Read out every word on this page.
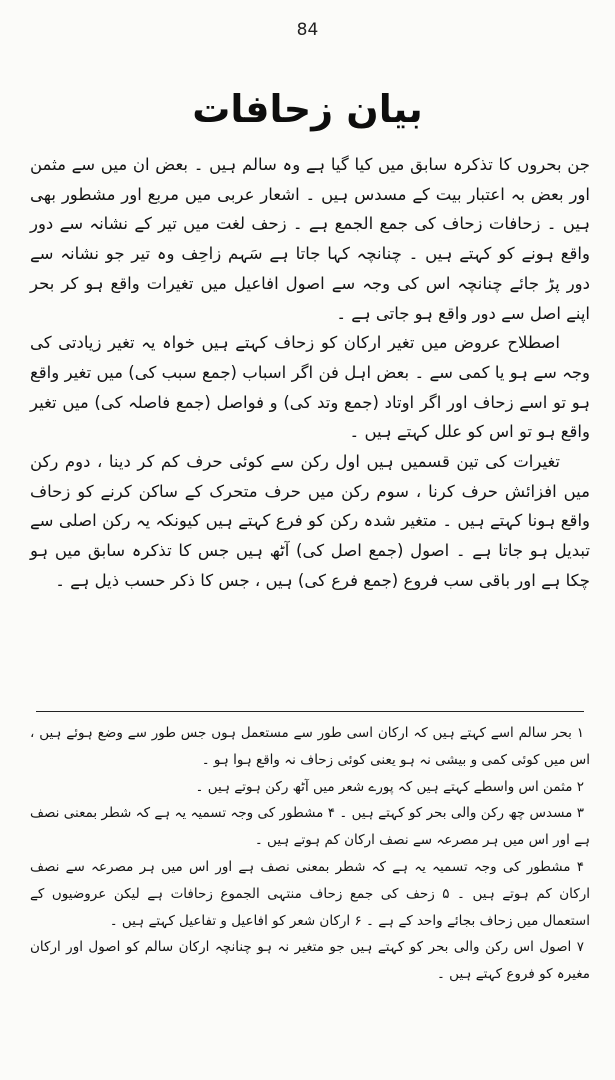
84
بیان زحافات

جن بحروں کا تذکرہ سابق میں کیا گیا ہے وہ سالم ہیں ۔ بعض ان میں سے مثمن اور بعض بہ اعتبار بیت کے مسدس ہیں ۔ اشعار عربی میں مربع اور مشطور بھی ہیں ۔ زحافات زحاف کی جمع الجمع ہے ۔ زحف لغت میں تیر کے نشانہ سے دور واقع ہونے کو کہتے ہیں ۔ چنانچہ کہا جاتا ہے سَہم زاحِف وہ تیر جو نشانہ سے دور پڑ جائے چنانچہ اس کی وجہ سے اصول افاعیل میں تغیرات واقع ہو کر بحر اپنے اصل سے دور واقع ہو جاتی ہے ۔

اصطلاح عروض میں تغیر ارکان کو زحاف کہتے ہیں خواہ یہ تغیر زیادتی کی وجہ سے ہو یا کمی سے ۔ بعض اہل فن اگر اسباب (جمع سبب کی) میں تغیر واقع ہو تو اسے زحاف اور اگر اوتاد (جمع وتد کی) و فواصل (جمع فاصلہ کی) میں تغیر واقع ہو تو اس کو علل کہتے ہیں ۔

تغیرات کی تین قسمیں ہیں اول رکن سے کوئی حرف کم کر دینا ، دوم رکن میں افزائش حرف کرنا ، سوم رکن میں حرف متحرک کے ساکن کرنے کو زحاف واقع ہونا کہتے ہیں ۔ متغیر شدہ رکن کو فرع کہتے ہیں کیونکہ یہ رکن اصلی سے تبدیل ہو جاتا ہے ۔ اصول (جمع اصل کی) آٹھ ہیں جس کا تذکرہ سابق میں ہو چکا ہے اور باقی سب فروع (جمع فرع کی) ہیں ، جس کا ذکر حسب ذیل ہے ۔

۱ بحر سالم اسے کہتے ہیں کہ ارکان اسی طور سے مستعمل ہوں جس طور سے وضع ہوئے ہیں ، اس میں کوئی کمی و بیشی نہ ہو یعنی کوئی زحاف نہ واقع ہوا ہو ۔

۲ مثمن اس واسطے کہتے ہیں کہ پورے شعر میں آٹھ رکن ہوتے ہیں ۔

۳ مسدس چھ رکن والی بحر کو کہتے ہیں ۔ ۴ مشطور کی وجہ تسمیہ یہ ہے کہ شطر بمعنی نصف ہے اور اس میں ہر مصرعہ سے نصف ارکان کم ہوتے ہیں ۔

۴ مشطور کی وجہ تسمیہ یہ ہے کہ شطر بمعنی نصف ہے اور اس میں ہر مصرعہ سے نصف ارکان کم ہوتے ہیں ۔ ۵ زحف کی جمع زحاف منتہی الجموع زحافات ہے لیکن عروضیوں کے استعمال میں زحاف بجائے واحد کے ہے ۔ ۶ ارکان شعر کو افاعیل و تفاعیل کہتے ہیں ۔

۷ اصول اس رکن والی بحر کو کہتے ہیں جو متغیر نہ ہو چنانچہ ارکان سالم کو اصول اور ارکان مغیرہ کو فروع کہتے ہیں ۔
